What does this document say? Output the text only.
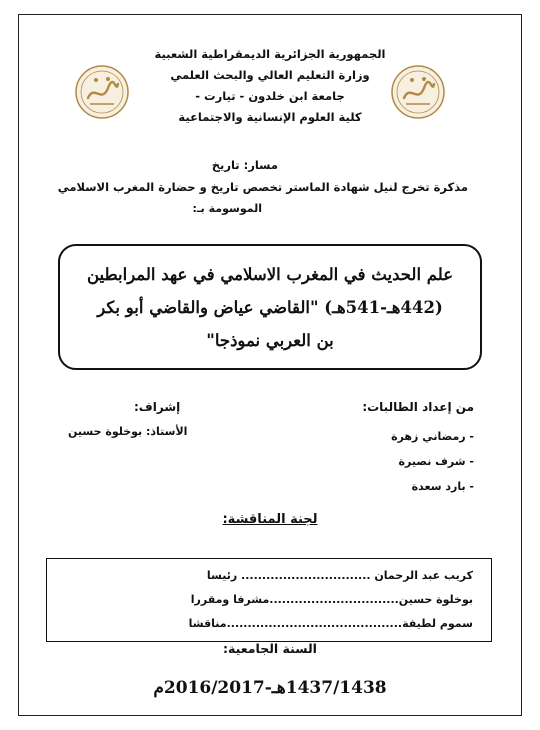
الجمهورية الجزائرية الديمقراطية الشعبية
وزارة التعليم العالي والبحث العلمي
جامعة ابن خلدون - تيارت -
كلية العلوم الإنسانية والاجتماعية
مسار: تاريخ
مذكرة تخرج لنيل شهادة الماستر تخصص تاريخ و حضارة المغرب الاسلامي
الموسومة بـ:
علم الحديث في المغرب الاسلامي في عهد المرابطين
(442هـ-541هـ) "القاضي عياض والقاضي أبو بكر
بن العربي نموذجا"
من إعداد الطالبات:
- رمضاني زهرة
- شرف نصيرة
- بارد سعدة
إشراف:
الأستاذ: بوخلوة حسين
لجنة المناقشة:
كريب عبد الرحمان ............................... رئيسا
بوخلوة حسين...............................مشرفا ومقررا
سموم لطيفة..........................................مناقشا
السنة الجامعية:
1437/1438هـ-2016/2017م
